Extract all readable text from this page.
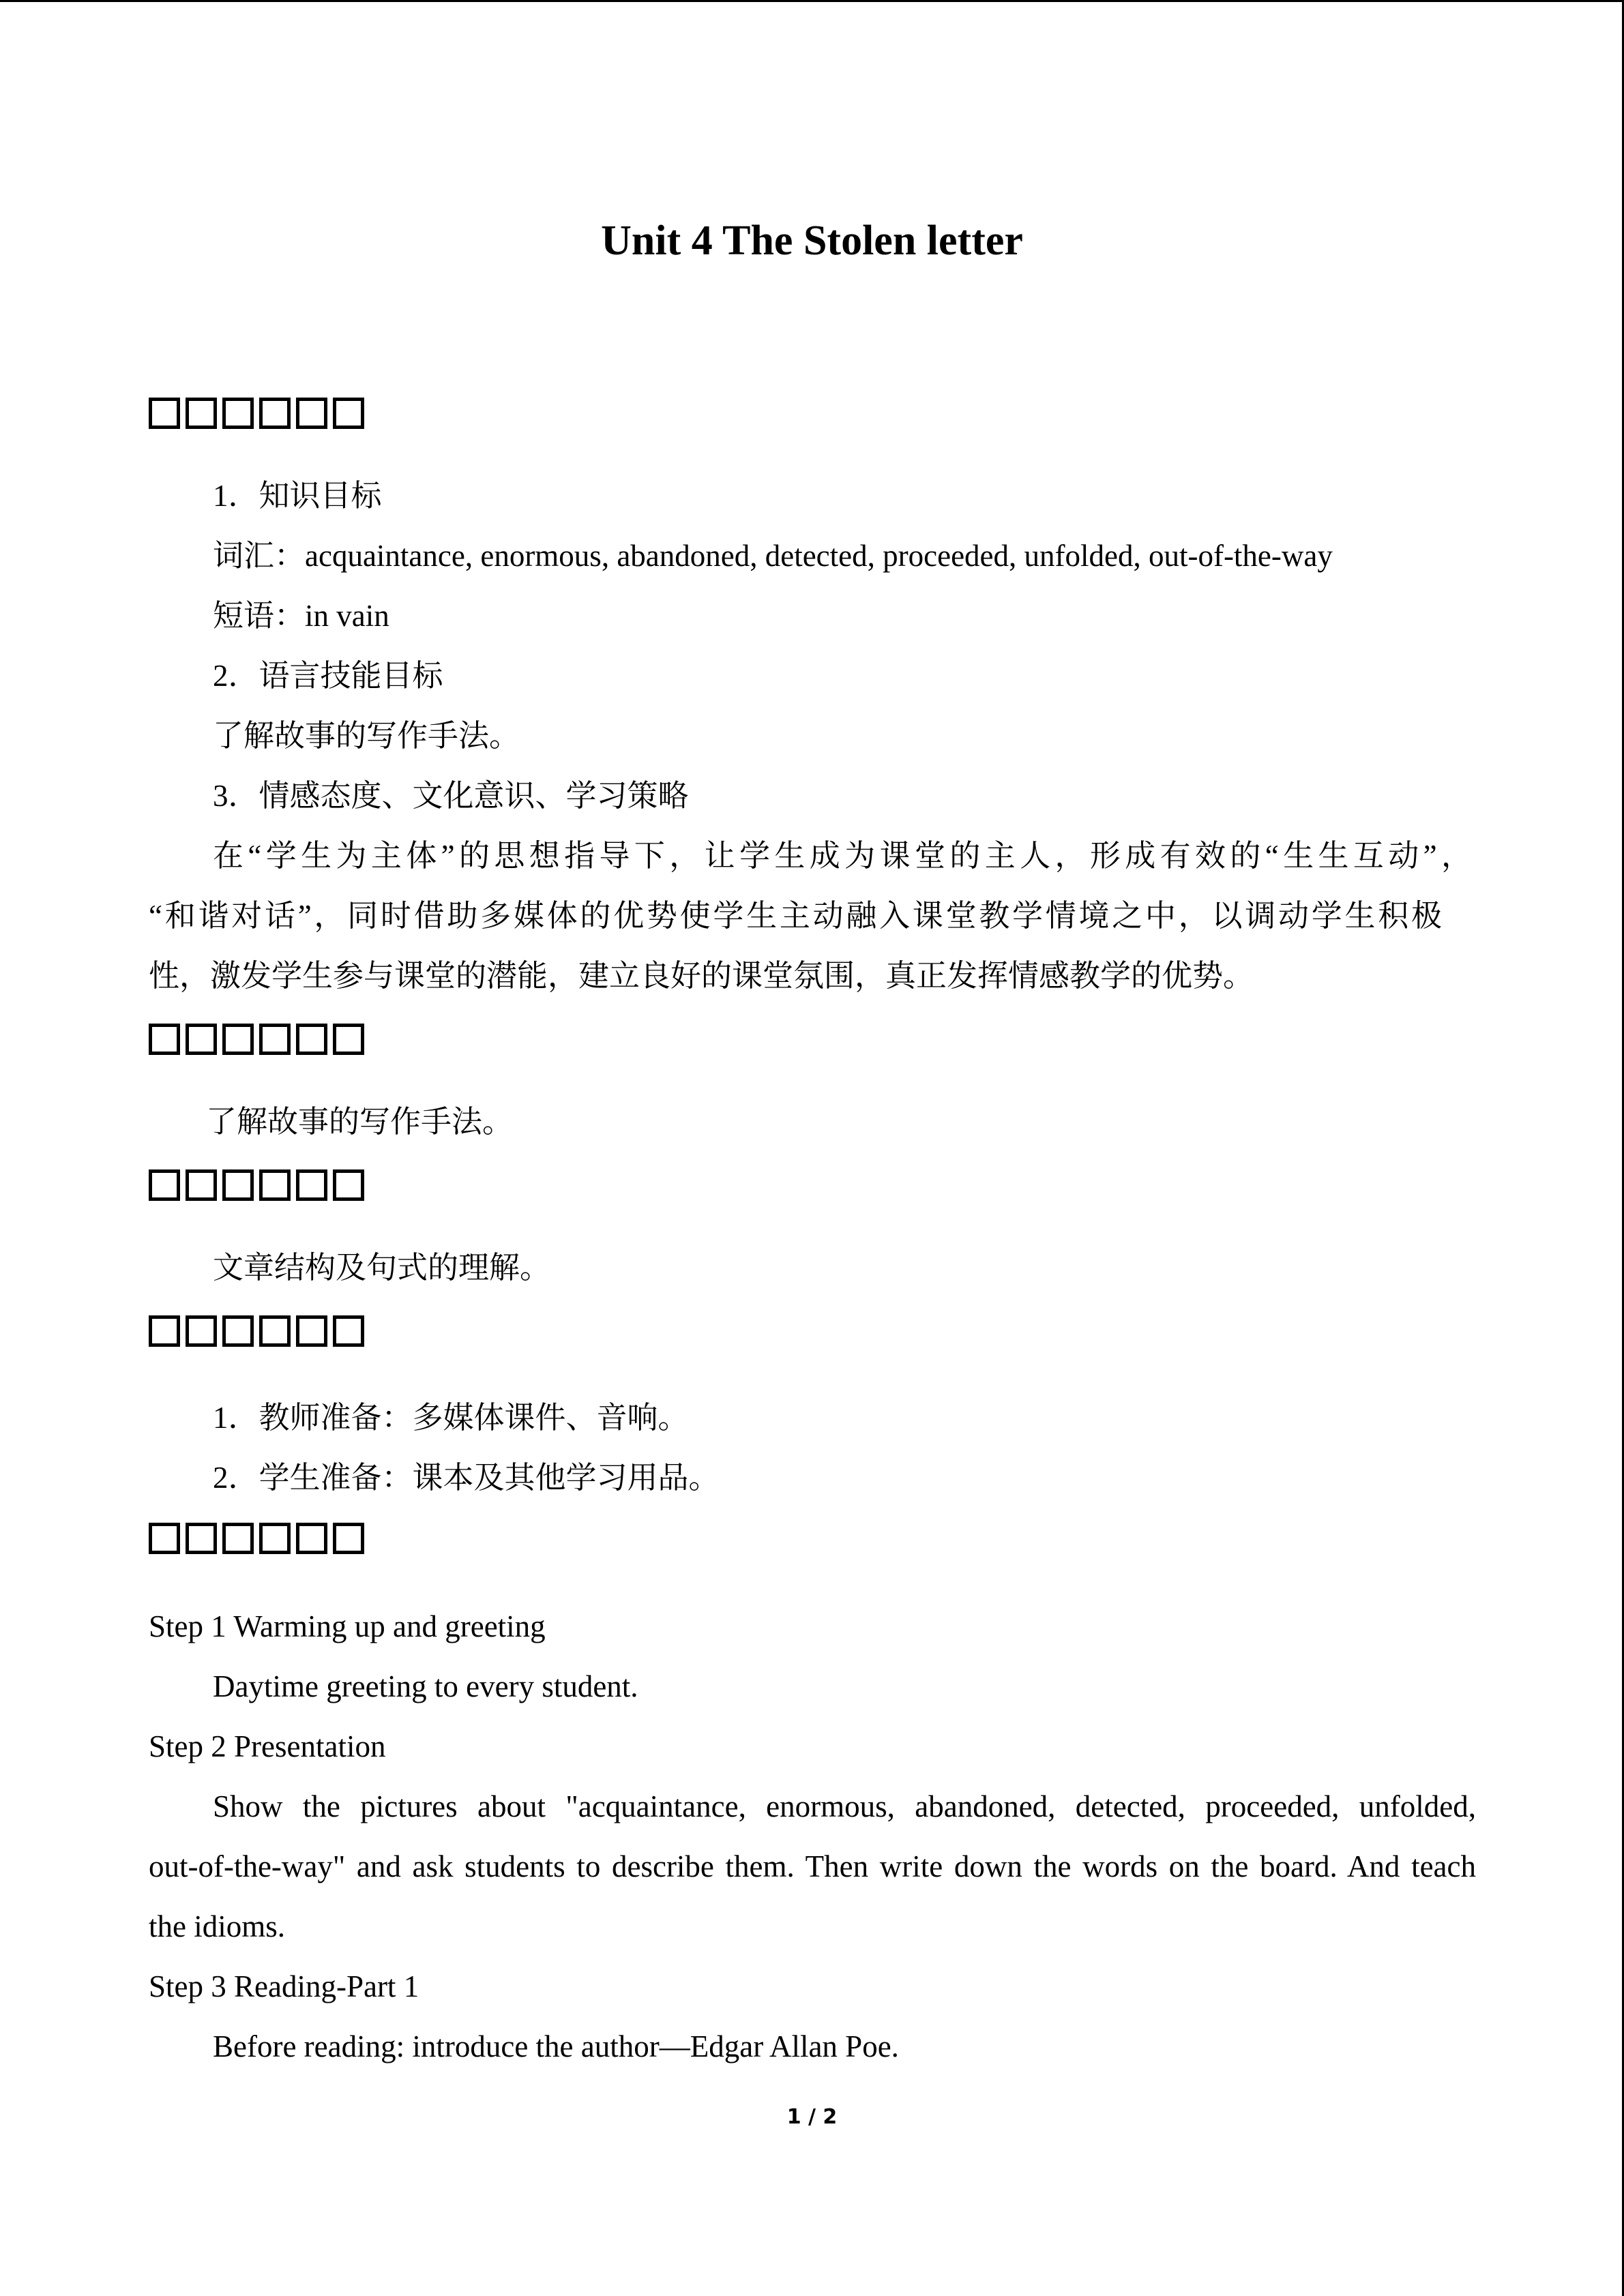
Unit 4 The Stolen letter
1．知识目标
词汇：acquaintance, enormous, abandoned, detected, proceeded, unfolded, out-of-the-way
短语：in vain
2．语言技能目标
了解故事的写作手法。
3．情感态度、文化意识、学习策略
在“学生为主体”的思想指导下，让学生成为课堂的主人，形成有效的“生生互动”，
“和谐对话”，同时借助多媒体的优势使学生主动融入课堂教学情境之中，以调动学生积极
性，激发学生参与课堂的潜能，建立良好的课堂氛围，真正发挥情感教学的优势。
了解故事的写作手法。
文章结构及句式的理解。
1．教师准备：多媒体课件、音响。
2．学生准备：课本及其他学习用品。
Step 1 Warming up and greeting
Daytime greeting to every student.
Step 2 Presentation
Show the pictures about "acquaintance, enormous, abandoned, detected, proceeded, unfolded,
out-of-the-way" and ask students to describe them. Then write down the words on the board. And teach
the idioms.
Step 3 Reading-Part 1
Before reading: introduce the author—Edgar Allan Poe.
1 / 2
